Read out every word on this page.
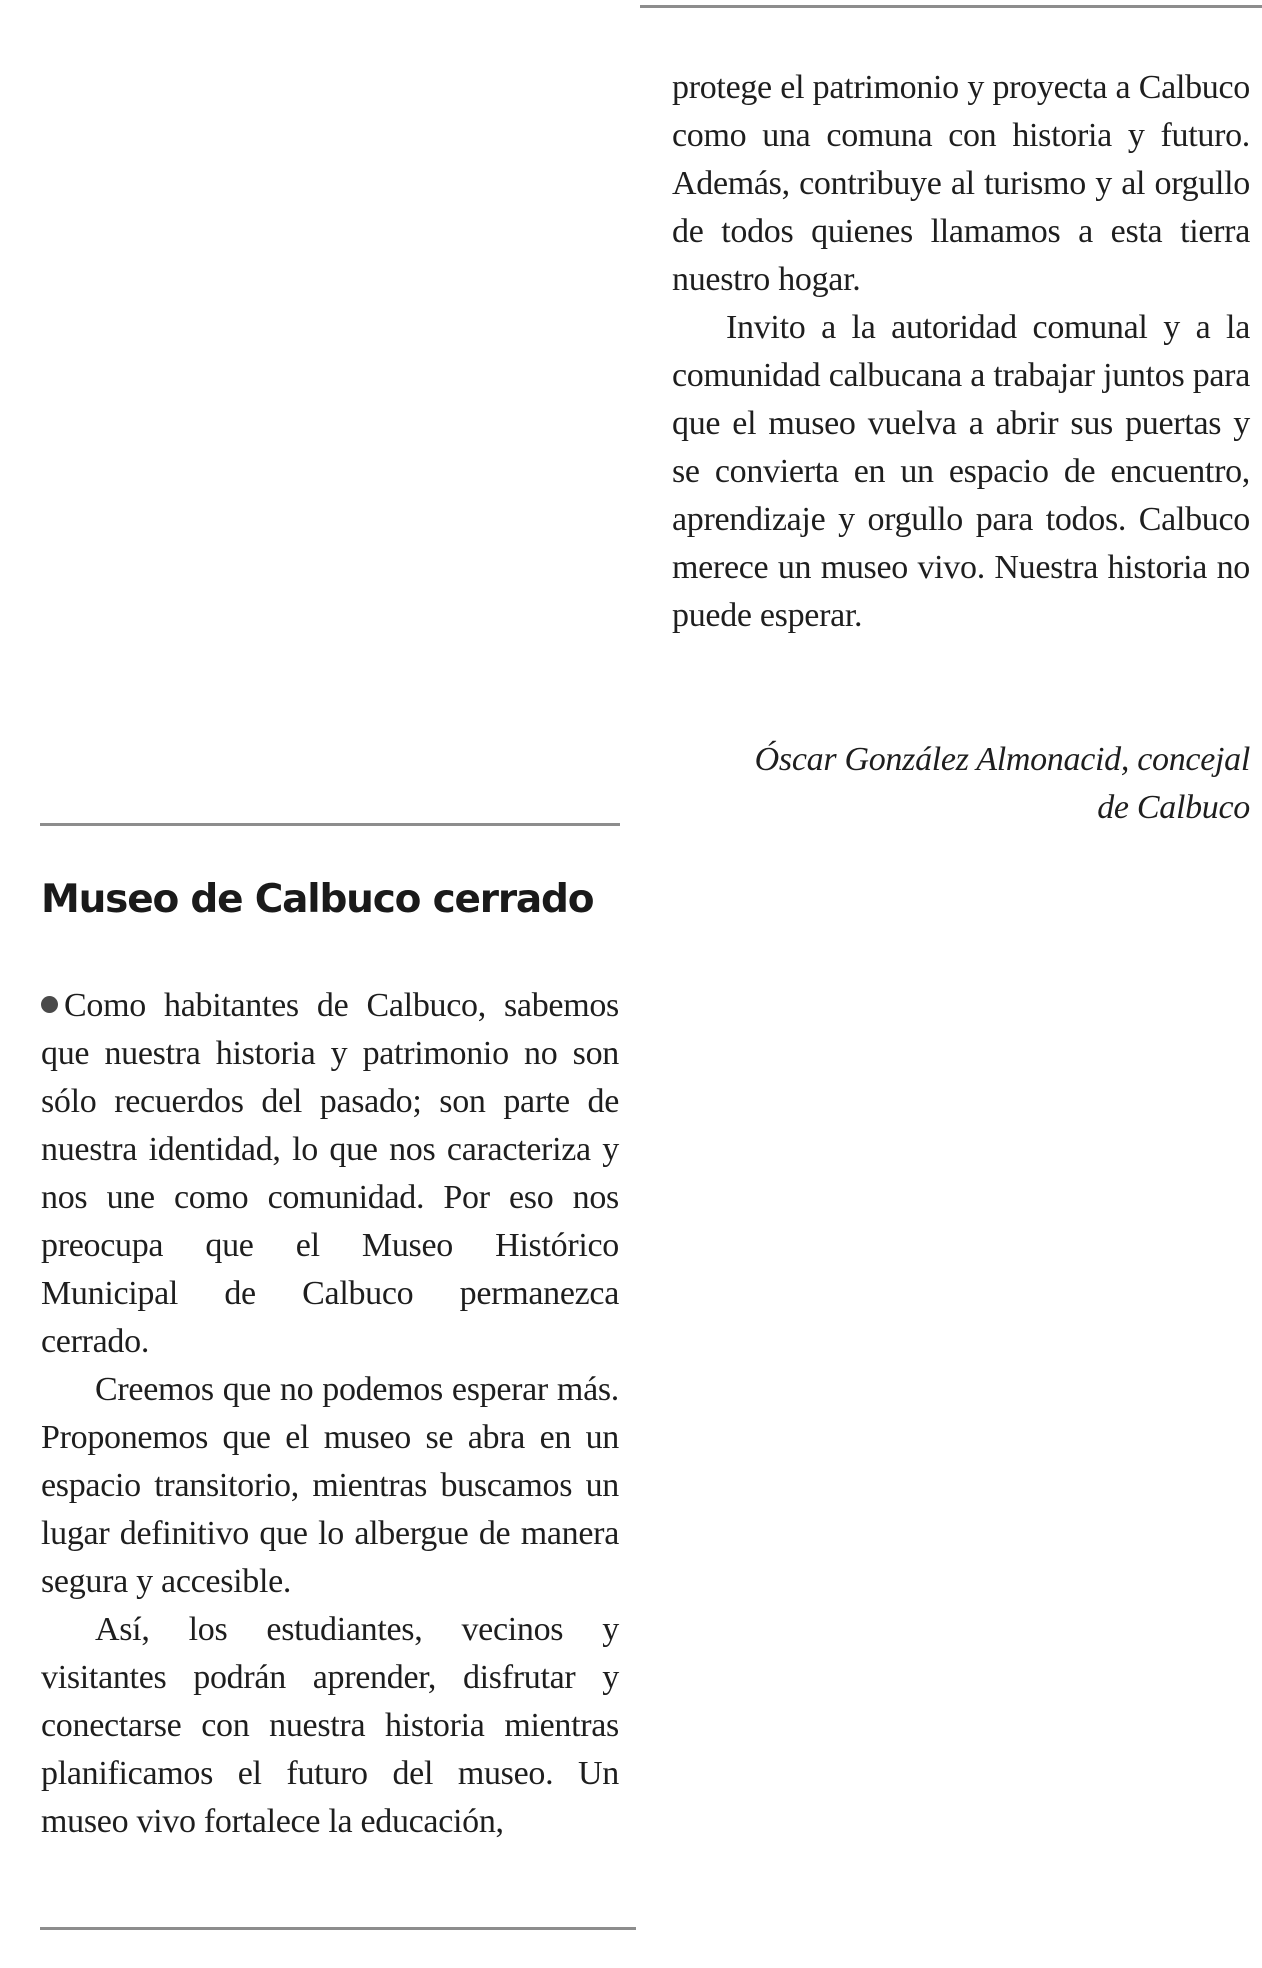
protege el patrimonio y proyecta a Calbuco como una comuna con historia y futuro. Además, contribuye al turismo y al orgullo de todos quienes llamamos a esta tierra nuestro hogar.

Invito a la autoridad comunal y a la comunidad calbucana a trabajar juntos para que el museo vuelva a abrir sus puertas y se convierta en un espacio de encuentro, aprendizaje y orgullo para todos. Calbuco merece un museo vivo. Nuestra historia no puede esperar.

Óscar González Almonacid, concejal
de Calbuco
Museo de Calbuco cerrado

Como habitantes de Calbuco, sabemos que nuestra historia y patrimonio no son sólo recuerdos del pasado; son parte de nuestra identidad, lo que nos caracteriza y nos une como comunidad. Por eso nos preocupa que el Museo Histórico Municipal de Calbuco permanezca cerrado.

Creemos que no podemos esperar más. Proponemos que el museo se abra en un espacio transitorio, mientras buscamos un lugar definitivo que lo albergue de manera segura y accesible.

Así, los estudiantes, vecinos y visitantes podrán aprender, disfrutar y conectarse con nuestra historia mientras planificamos el futuro del museo. Un museo vivo fortalece la educación,
